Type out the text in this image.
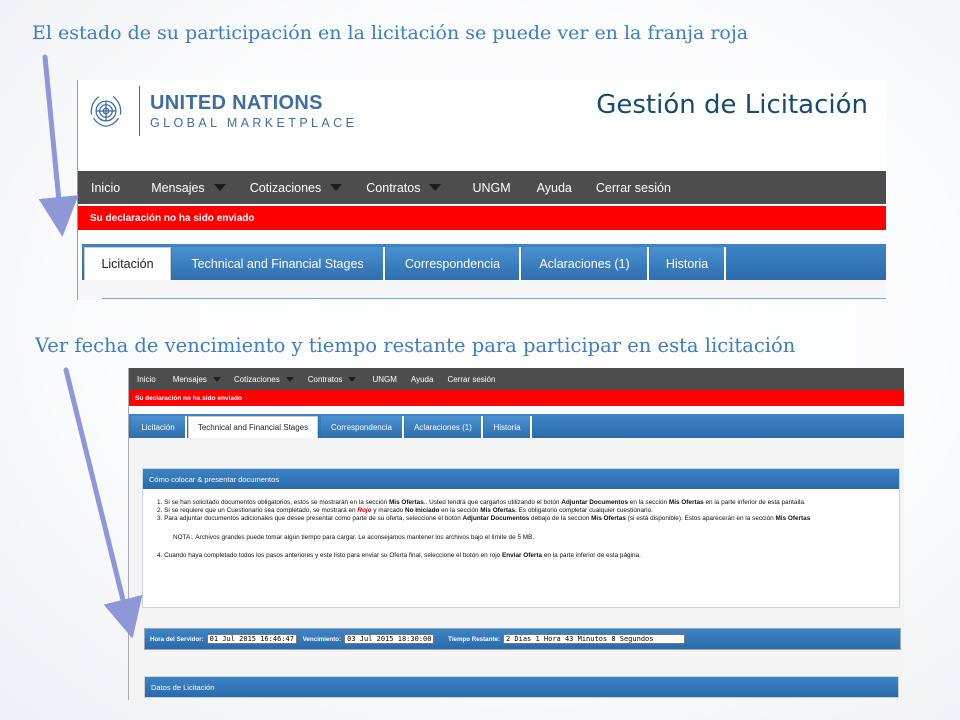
El estado de su participación en la licitación se puede ver en la franja roja
Ver fecha de vencimiento y tiempo restante para participar en esta licitación
UNITED NATIONS
GLOBAL MARKETPLACE
Gestión de Licitación
Inicio Mensajes	Cotizaciones	Contratos	UNGM Ayuda Cerrar sesión
Su declaración no ha sido enviado
Licitación	Technical and Financial Stages	Correspondencia	Aclaraciones (1)	Historia
Inicio Mensajes	Cotizaciones	Contratos	UNGM Ayuda Cerrar sesión
Su declaración no ha sido enviado
Licitación	Technical and Financial Stages	Correspondencia	Aclaraciones (1)	Historia
Cómo colocar & presentar documentos
1. Si se han solicitado documentos obligatorios, estos se mostrarán en la sección Mis Ofertas.. Usted tendrá que cargarlos utilizando el botón Adjuntar Documentos en la sección Mis Ofertas en la parte inferior de esta pantalla.
2. Si se requiere que un Cuestionario sea completado, se mostrará en Rojo y marcado No Iniciado en la sección Mis Ofertas. Es obligatorio completar cualquier cuestionario.
3. Para adjuntar documentos adicionales que desee presentar como parte de su oferta, seleccione el botón Adjuntar Documentos debajo de la seccion Mis Ofertas (si está disponible). Estos aparecerán en la sección Mis Ofertas
NOTA:. Archivos grandes puede tomar algún tiempo para cargar. Le aconsejamos mantener los archivos bajo el límite de 5 MB.
4. Cuando haya completado todos los pasos anteriores y este listo para enviar su Oferta final, seleccione el botón en rojo Enviar Oferta en la parte inferior de esta página.
Hora del Servidor: 01 Jul 2015 16:46:47	Vencimiento: 03 Jul 2015 18:30:00	Tiempo Restante: 2 Días 1 Hora 43 Minutos 8 Segundos
Datos de Licitación
